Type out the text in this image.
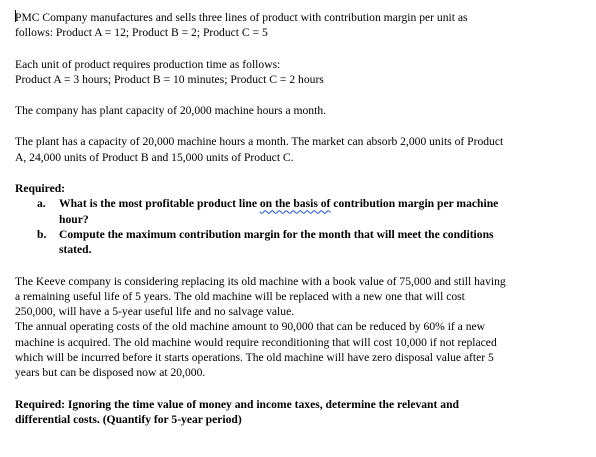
PMC Company manufactures and sells three lines of product with contribution margin per unit as

follows: Product A = 12; Product B = 2; Product C = 5

Each unit of product requires production time as follows:

Product A = 3 hours; Product B = 10 minutes; Product C = 2 hours

The company has plant capacity of 20,000 machine hours a month.

The plant has a capacity of 20,000 machine hours a month. The market can absorb 2,000 units of Product

A, 24,000 units of Product B and 15,000 units of Product C.

Required:

a. What is the most profitable product line on the basis of contribution margin per machine
hour?
b. Compute the maximum contribution margin for the month that will meet the conditions
stated.

The Keeve company is considering replacing its old machine with a book value of 75,000 and still having

a remaining useful life of 5 years. The old machine will be replaced with a new one that will cost

250,000, will have a 5-year useful life and no salvage value.

The annual operating costs of the old machine amount to 90,000 that can be reduced by 60% if a new

machine is acquired. The old machine would require reconditioning that will cost 10,000 if not replaced

which will be incurred before it starts operations. The old machine will have zero disposal value after 5

years but can be disposed now at 20,000.

Required: Ignoring the time value of money and income taxes, determine the relevant and

differential costs. (Quantify for 5-year period)
